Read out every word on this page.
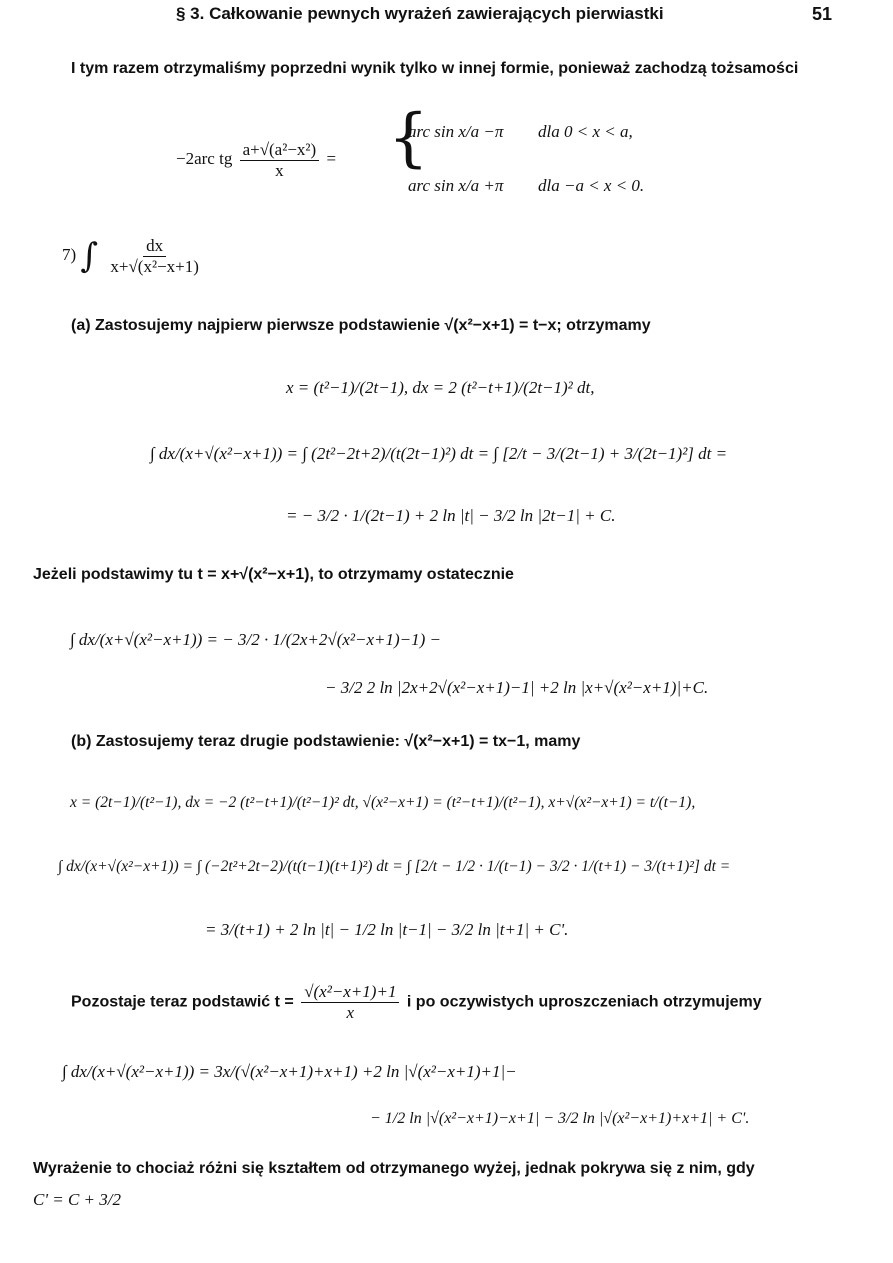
§ 3. Całkowanie pewnych wyrażeń zawierających pierwiastki	51
I tym razem otrzymaliśmy poprzedni wynik tylko w innej formie, ponieważ zachodzą tożsamości
−2arc tg $\frac{\text{a+√(a²−x²)}}{x}$ = {
arc sin x/a −π dla 0 < x < a,
arc sin x/a +π dla −a < x < 0.
7) ∫ $\frac{dx}{\text{x+√(x²−x+1)}}$
(a) Zastosujemy najpierw pierwsze podstawienie √(x²−x+1) = t−x; otrzymamy
x = (t²−1)/(2t−1), dx = 2 (t²−t+1)/(2t−1)² dt,
∫ dx/(x+√(x²−x+1)) = ∫ (2t²−2t+2)/(t(2t−1)²) dt = ∫ [2/t − 3/(2t−1) + 3/(2t−1)²] dt =
= − 3/2 · 1/(2t−1) + 2 ln |t| − 3/2 ln |2t−1| + C.
Jeżeli podstawimy tu t = x+√(x²−x+1), to otrzymamy ostatecznie
∫ dx/(x+√(x²−x+1)) = − 3/2 · 1/(2x+2√(x²−x+1)−1) −
− 3/2 2 ln |2x+2√(x²−x+1)−1| +2 ln |x+√(x²−x+1)|+C.
(b) Zastosujemy teraz drugie podstawienie: √(x²−x+1) = tx−1, mamy
x = (2t−1)/(t²−1), dx = −2 (t²−t+1)/(t²−1)² dt, √(x²−x+1) = (t²−t+1)/(t²−1), x+√(x²−x+1) = t/(t−1),
∫ dx/(x+√(x²−x+1)) = ∫ (−2t²+2t−2)/(t(t−1)(t+1)²) dt = ∫ [2/t − 1/2 · 1/(t−1) − 3/2 · 1/(t+1) − 3/(t+1)²] dt =
= 3/(t+1) + 2 ln |t| − 1/2 ln |t−1| − 3/2 ln |t+1| + C'.
Pozostaje teraz podstawić $t = \frac{\text{√(x²−x+1)+1}}{x}$ i po oczywistych uproszczeniach otrzymujemy
∫ dx/(x+√(x²−x+1)) = 3x/(√(x²−x+1)+x+1) +2 ln |√(x²−x+1)+1|−
− 1/2 ln |√(x²−x+1)−x+1| − 3/2 ln |√(x²−x+1)+x+1| + C'.
Wyrażenie to chociaż różni się kształtem od otrzymanego wyżej, jednak pokrywa się z nim, gdy
C' = C + 3/2
